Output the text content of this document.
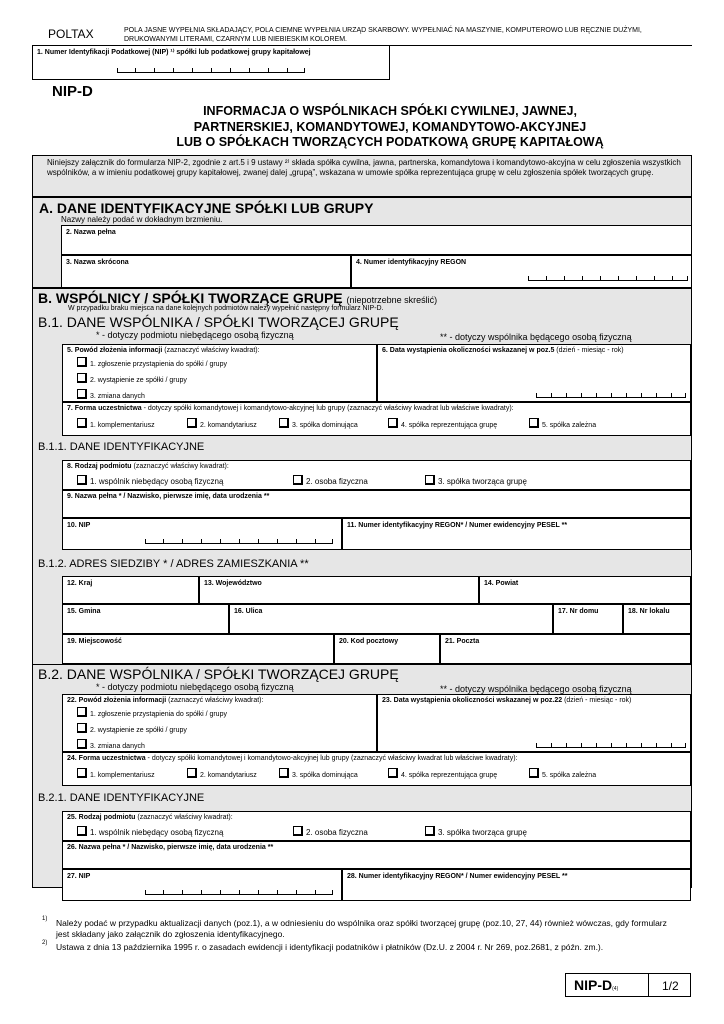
POLTAX	POLA JASNE WYPEŁNIA SKŁADAJĄCY, POLA CIEMNE WYPEŁNIA URZĄD SKARBOWY. WYPEŁNIAĆ NA MASZYNIE, KOMPUTEROWO LUB RĘCZNIE DUŻYMI, DRUKOWANYMI LITERAMI, CZARNYM LUB NIEBIESKIM KOLOREM.
1. Numer Identyfikacji Podatkowej (NIP) ¹⁾ spółki lub podatkowej grupy kapitałowej
NIP-D
INFORMACJA O WSPÓLNIKACH SPÓŁKI CYWILNEJ, JAWNEJ,
PARTNERSKIEJ, KOMANDYTOWEJ, KOMANDYTOWO-AKCYJNEJ
LUB O SPÓŁKACH TWORZĄCYCH PODATKOWĄ GRUPĘ KAPITAŁOWĄ
Niniejszy załącznik do formularza NIP-2, zgodnie z art.5 i 9 ustawy ²⁾ składa spółka cywilna, jawna, partnerska, komandytowa i komandytowo-akcyjna w celu zgłoszenia wszystkich wspólników, a w imieniu podatkowej grupy kapitałowej, zwanej dalej „grupą”, wskazana w umowie spółka reprezentująca grupę w celu zgłoszenia spółek tworzących grupę.
A. DANE IDENTYFIKACYJNE SPÓŁKI LUB GRUPY
Nazwy należy podać w dokładnym brzmieniu.
2. Nazwa pełna
3. Nazwa skrócona	4. Numer identyfikacyjny REGON
B. WSPÓLNICY / SPÓŁKI TWORZĄCE GRUPĘ (niepotrzebne skreślić)
W przypadku braku miejsca na dane kolejnych podmiotów należy wypełnić następny formularz NIP-D.
B.1. DANE WSPÓLNIKA / SPÓŁKI TWORZĄCEJ GRUPĘ
* - dotyczy podmiotu niebędącego osobą fizyczną	** - dotyczy wspólnika będącego osobą fizyczną
5. Powód złożenia informacji (zaznaczyć właściwy kwadrat):
1. zgłoszenie przystąpienia do spółki / grupy
2. wystąpienie ze spółki / grupy
3. zmiana danych
6. Data wystąpienia okoliczności wskazanej w poz.5 (dzień - miesiąc - rok)
7. Forma uczestnictwa - dotyczy spółki komandytowej i komandytowo-akcyjnej lub grupy (zaznaczyć właściwy kwadrat lub właściwe kwadraty):
1. komplementariusz	2. komandytariusz	3. spółka dominująca	4. spółka reprezentująca grupę	5. spółka zależna
B.1.1. DANE IDENTYFIKACYJNE
8. Rodzaj podmiotu (zaznaczyć właściwy kwadrat):
1. wspólnik niebędący osobą fizyczną	2. osoba fizyczna	3. spółka tworząca grupę
9. Nazwa pełna * / Nazwisko, pierwsze imię, data urodzenia **
10. NIP	11. Numer identyfikacyjny REGON* / Numer ewidencyjny PESEL **
B.1.2. ADRES SIEDZIBY * / ADRES ZAMIESZKANIA **
12. Kraj	13. Województwo	14. Powiat
15. Gmina	16. Ulica	17. Nr domu	18. Nr lokalu
19. Miejscowość	20. Kod pocztowy	21. Poczta
B.2. DANE WSPÓLNIKA / SPÓŁKI TWORZĄCEJ GRUPĘ
* - dotyczy podmiotu niebędącego osobą fizyczną	** - dotyczy wspólnika będącego osobą fizyczną
22. Powód złożenia informacji (zaznaczyć właściwy kwadrat):
1. zgłoszenie przystąpienia do spółki / grupy
2. wystąpienie ze spółki / grupy
3. zmiana danych
23. Data wystąpienia okoliczności wskazanej w poz.22 (dzień - miesiąc - rok)
24. Forma uczestnictwa - dotyczy spółki komandytowej i komandytowo-akcyjnej lub grupy (zaznaczyć właściwy kwadrat lub właściwe kwadraty):
1. komplementariusz	2. komandytariusz	3. spółka dominująca	4. spółka reprezentująca grupę	5. spółka zależna
B.2.1. DANE IDENTYFIKACYJNE
25. Rodzaj podmiotu (zaznaczyć właściwy kwadrat):
1. wspólnik niebędący osobą fizyczną	2. osoba fizyczna	3. spółka tworząca grupę
26. Nazwa pełna * / Nazwisko, pierwsze imię, data urodzenia **
27. NIP	28. Numer identyfikacyjny REGON* / Numer ewidencyjny PESEL **
1) Należy podać w przypadku aktualizacji danych (poz.1), a w odniesieniu do wspólnika oraz spółki tworzącej grupę (poz.10, 27, 44) również wówczas, gdy formularz jest składany jako załącznik do zgłoszenia identyfikacyjnego.
2) Ustawa z dnia 13 października 1995 r. o zasadach ewidencji i identyfikacji podatników i płatników (Dz.U. z 2004 r. Nr 269, poz.2681, z późn. zm.).
NIP-D(4)	1/2
